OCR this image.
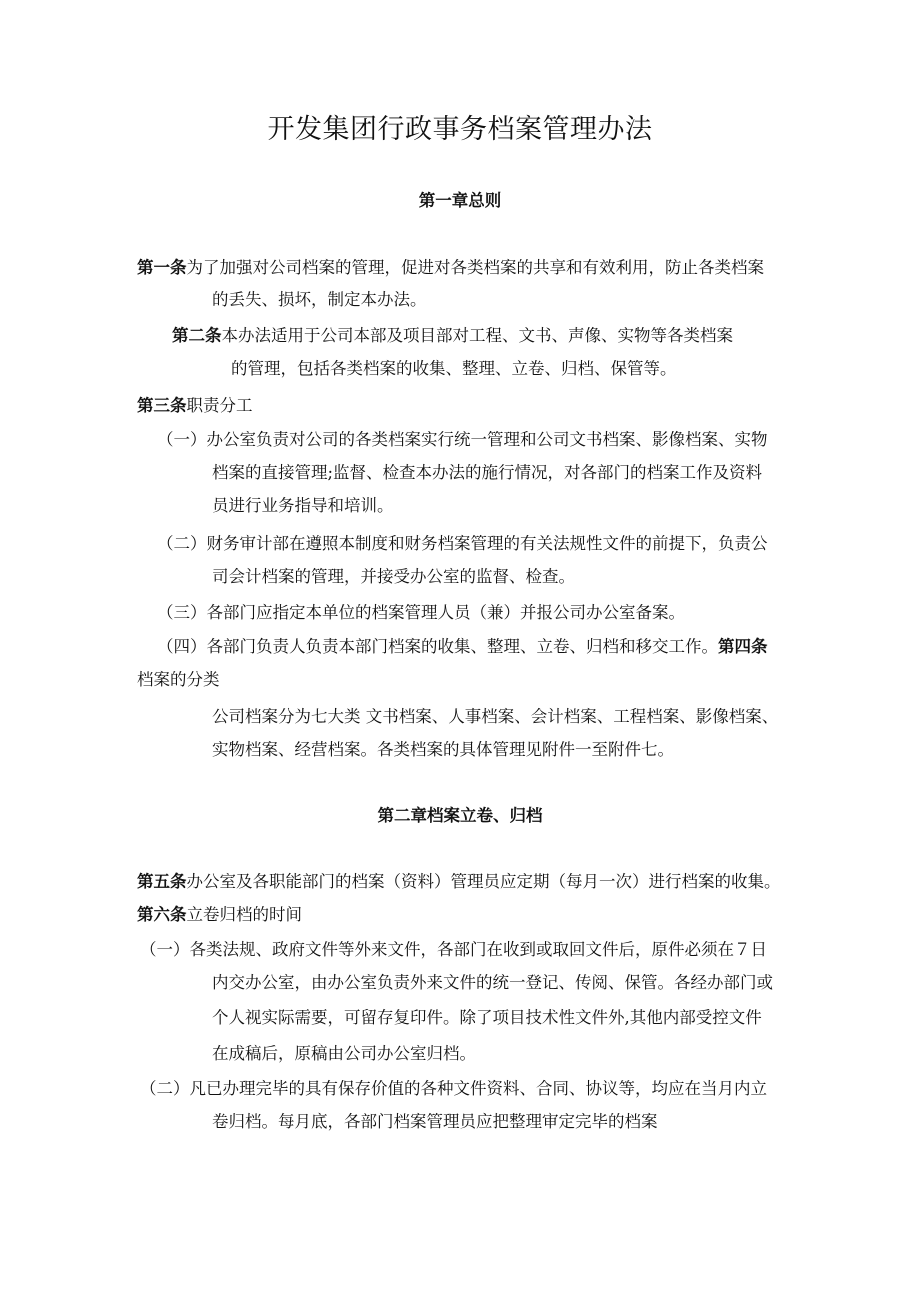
开发集团行政事务档案管理办法
第一章总则
第一条为了加强对公司档案的管理，促进对各类档案的共享和有效利用，防止各类档案
的丢失、损坏，制定本办法。
第二条本办法适用于公司本部及项目部对工程、文书、声像、实物等各类档案
的管理，包括各类档案的收集、整理、立卷、归档、保管等。
第三条职责分工
（一）办公室负责对公司的各类档案实行统一管理和公司文书档案、影像档案、实物
档案的直接管理;监督、检查本办法的施行情况，对各部门的档案工作及资料
员进行业务指导和培训。
（二）财务审计部在遵照本制度和财务档案管理的有关法规性文件的前提下，负责公
司会计档案的管理，并接受办公室的监督、检查。
（三）各部门应指定本单位的档案管理人员（兼）并报公司办公室备案。
（四）各部门负责人负责本部门档案的收集、整理、立卷、归档和移交工作。第四条
档案的分类
公司档案分为七大类 文书档案、人事档案、会计档案、工程档案、影像档案、
实物档案、经营档案。各类档案的具体管理见附件一至附件七。
第二章档案立卷、归档
第五条办公室及各职能部门的档案（资料）管理员应定期（每月一次）进行档案的收集。
第六条立卷归档的时间
（一）各类法规、政府文件等外来文件，各部门在收到或取回文件后，原件必须在７日
内交办公室，由办公室负责外来文件的统一登记、传阅、保管。各经办部门或
个人视实际需要，可留存复印件。除了项目技术性文件外,其他内部受控文件
在成稿后，原稿由公司办公室归档。
（二）凡已办理完毕的具有保存价值的各种文件资料、合同、协议等，均应在当月内立
卷归档。每月底，各部门档案管理员应把整理审定完毕的档案
